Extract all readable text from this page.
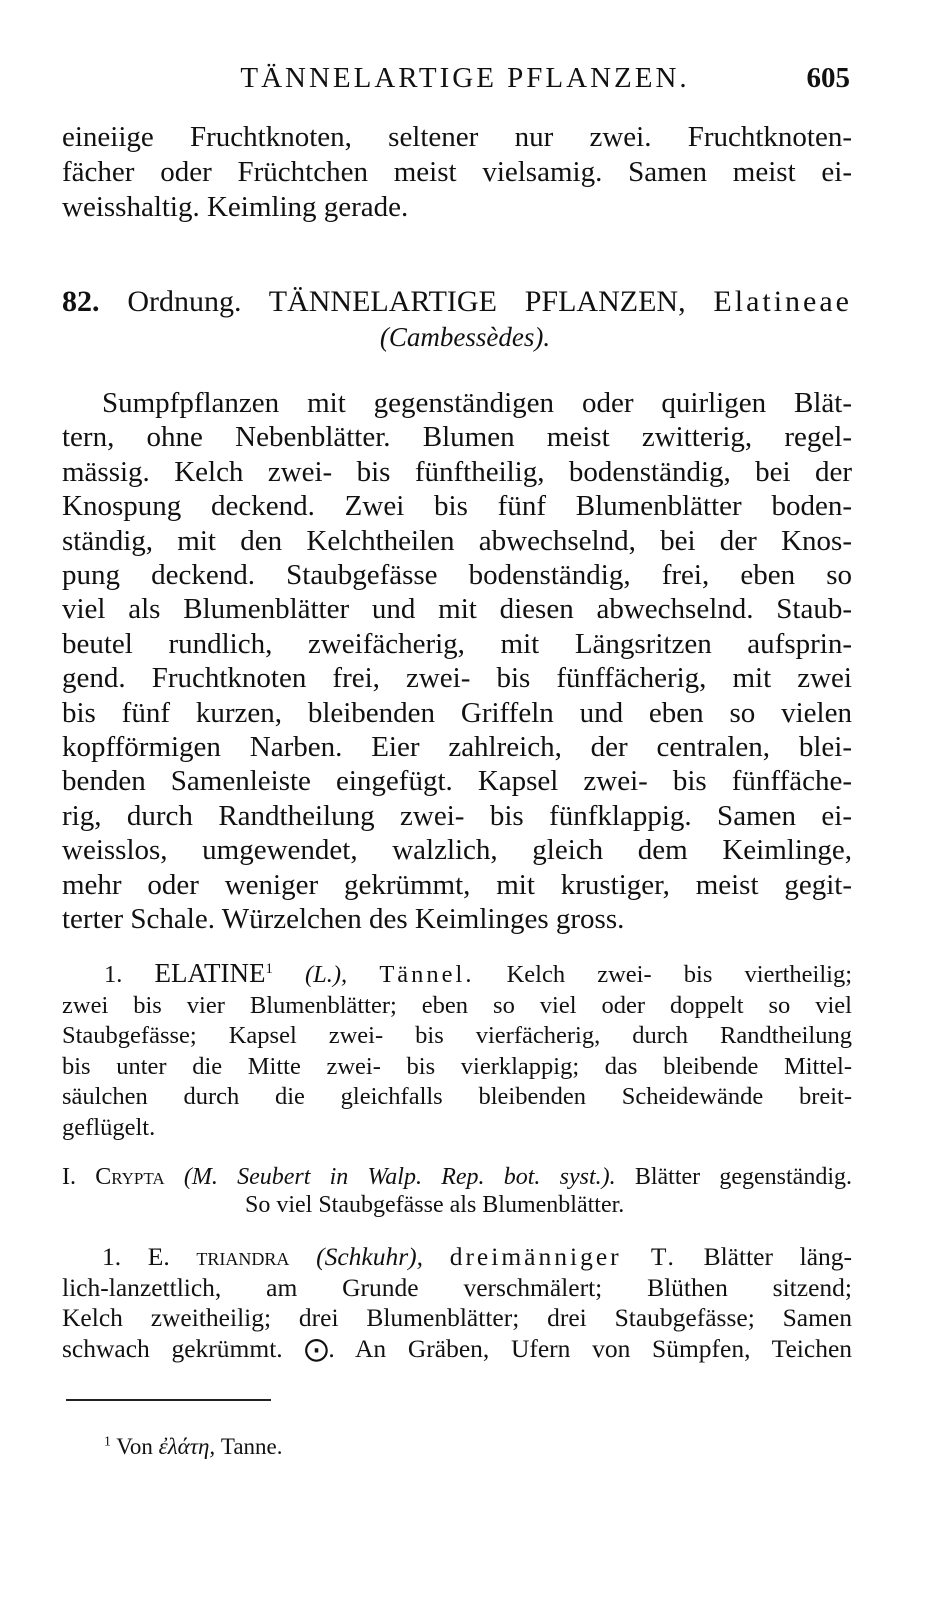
TÄNNELARTIGE PFLANZEN.	605
eineiige Fruchtknoten, seltener nur zwei. Fruchtknoten-
fächer oder Früchtchen meist vielsamig. Samen meist ei-
weisshaltig. Keimling gerade.
82. Ordnung. TÄNNELARTIGE PFLANZEN, Elatineae
(Cambessèdes).
Sumpfpflanzen mit gegenständigen oder quirligen Blät-
tern, ohne Nebenblätter. Blumen meist zwitterig, regel-
mässig. Kelch zwei- bis fünftheilig, bodenständig, bei der
Knospung deckend. Zwei bis fünf Blumenblätter boden-
ständig, mit den Kelchtheilen abwechselnd, bei der Knos-
pung deckend. Staubgefässe bodenständig, frei, eben so
viel als Blumenblätter und mit diesen abwechselnd. Staub-
beutel rundlich, zweifächerig, mit Längsritzen aufsprin-
gend. Fruchtknoten frei, zwei- bis fünffächerig, mit zwei
bis fünf kurzen, bleibenden Griffeln und eben so vielen
kopfförmigen Narben. Eier zahlreich, der centralen, blei-
benden Samenleiste eingefügt. Kapsel zwei- bis fünffäche-
rig, durch Randtheilung zwei- bis fünfklappig. Samen ei-
weisslos, umgewendet, walzlich, gleich dem Keimlinge,
mehr oder weniger gekrümmt, mit krustiger, meist gegit-
terter Schale. Würzelchen des Keimlinges gross.
1. ELATINE$^1$ (L.), Tännel. Kelch zwei- bis viertheilig;
zwei bis vier Blumenblätter; eben so viel oder doppelt so viel
Staubgefässe; Kapsel zwei- bis vierfächerig, durch Randtheilung
bis unter die Mitte zwei- bis vierklappig; das bleibende Mittel-
säulchen durch die gleichfalls bleibenden Scheidewände breit-
geflügelt.
I. Crypta (M. Seubert in Walp. Rep. bot. syst.). Blätter gegenständig.
So viel Staubgefässe als Blumenblätter.
1. E. triandra (Schkuhr), dreimänniger T. Blätter läng-
lich-lanzettlich, am Grunde verschmälert; Blüthen sitzend;
Kelch zweitheilig; drei Blumenblätter; drei Staubgefässe; Samen
schwach gekrümmt. ⨀. An Gräben, Ufern von Sümpfen, Teichen
$^1$ Von ἐλάτη, Tanne.
